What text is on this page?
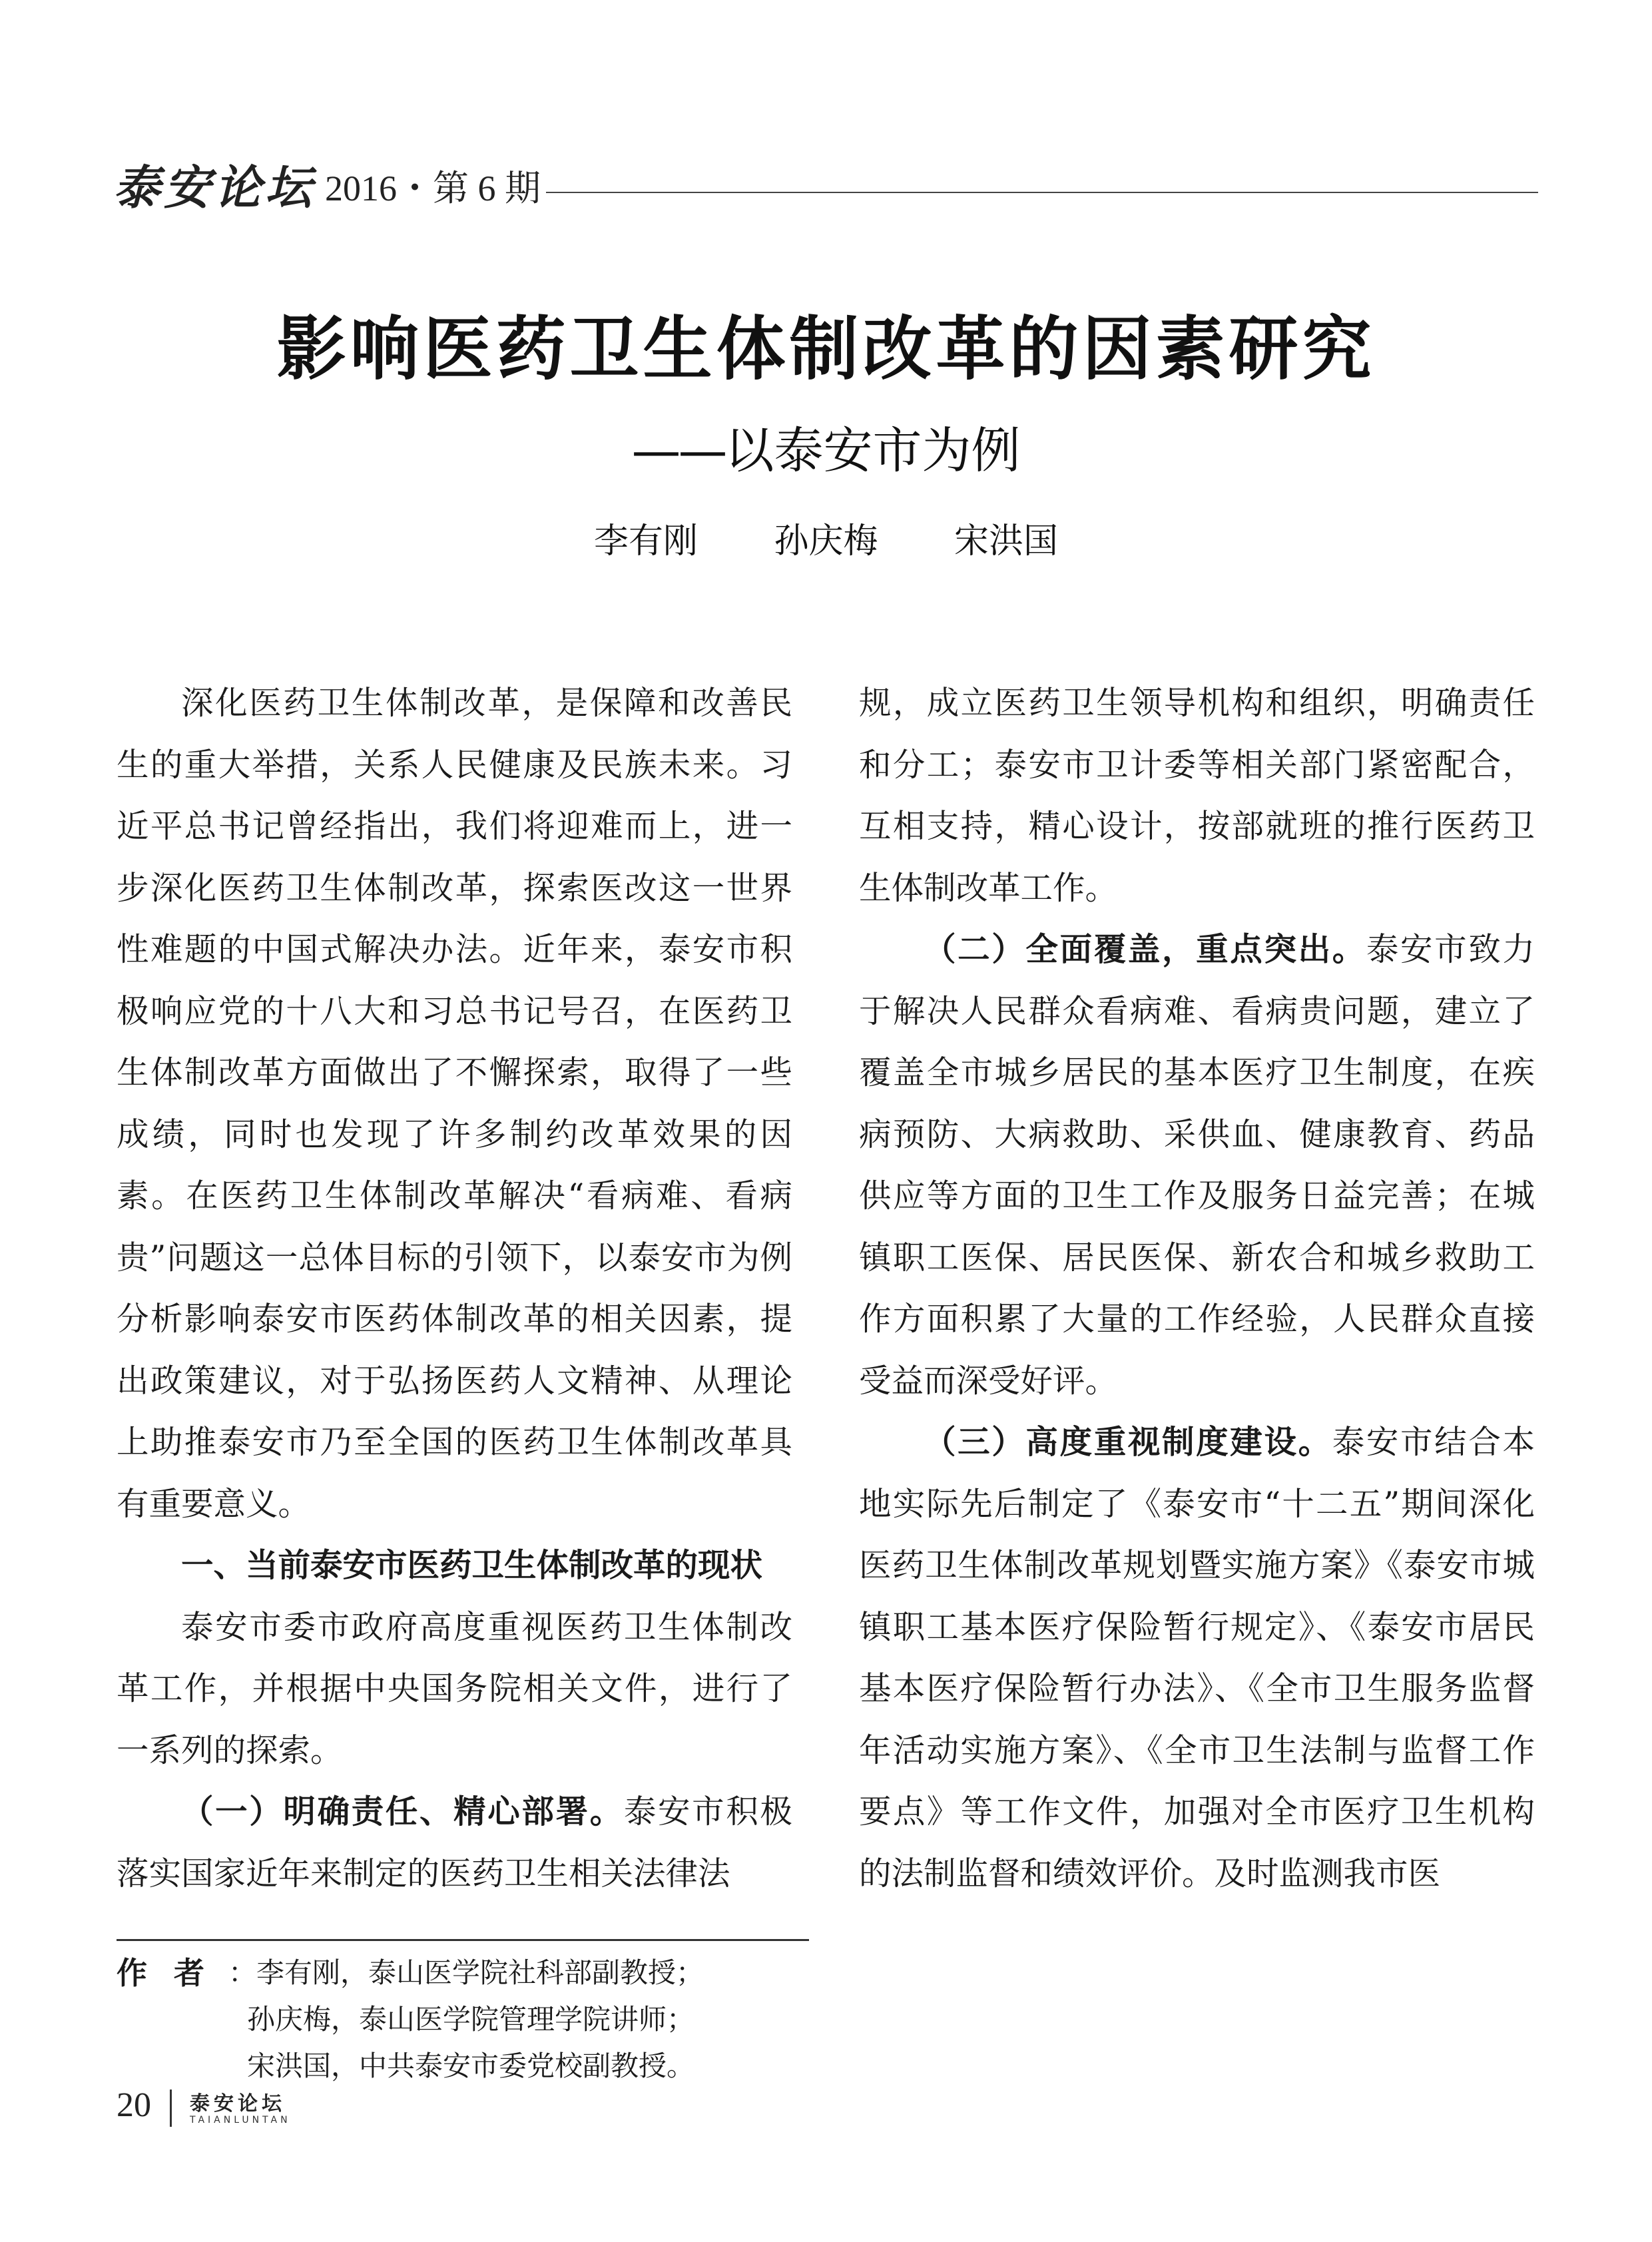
泰安论坛 2016・第 6 期
影响医药卫生体制改革的因素研究
——以泰安市为例
李有刚 孙庆梅 宋洪国

深化医药卫生体制改革，是保障和改善民生的重大举措，关系人民健康及民族未来。习近平总书记曾经指出，我们将迎难而上，进一步深化医药卫生体制改革，探索医改这一世界性难题的中国式解决办法。近年来，泰安市积极响应党的十八大和习总书记号召，在医药卫生体制改革方面做出了不懈探索，取得了一些成绩，同时也发现了许多制约改革效果的因素。在医药卫生体制改革解决“看病难、看病贵”问题这一总体目标的引领下，以泰安市为例分析影响泰安市医药体制改革的相关因素，提出政策建议，对于弘扬医药人文精神、从理论上助推泰安市乃至全国的医药卫生体制改革具有重要意义。

一、当前泰安市医药卫生体制改革的现状

泰安市委市政府高度重视医药卫生体制改革工作，并根据中央国务院相关文件，进行了一系列的探索。

（一）明确责任、精心部署。泰安市积极落实国家近年来制定的医药卫生相关法律法

规，成立医药卫生领导机构和组织，明确责任和分工；泰安市卫计委等相关部门紧密配合，互相支持，精心设计，按部就班的推行医药卫生体制改革工作。

（二）全面覆盖，重点突出。泰安市致力于解决人民群众看病难、看病贵问题，建立了覆盖全市城乡居民的基本医疗卫生制度，在疾病预防、大病救助、采供血、健康教育、药品供应等方面的卫生工作及服务日益完善；在城镇职工医保、居民医保、新农合和城乡救助工作方面积累了大量的工作经验，人民群众直接受益而深受好评。

（三）高度重视制度建设。泰安市结合本地实际先后制定了《泰安市“十二五”期间深化医药卫生体制改革规划暨实施方案》《泰安市城镇职工基本医疗保险暂行规定》、《泰安市居民基本医疗保险暂行办法》、《全市卫生服务监督年活动实施方案》、《全市卫生法制与监督工作要点》等工作文件，加强对全市医疗卫生机构的法制监督和绩效评价。及时监测我市医

作者
：李有刚，泰山医学院社科部副教授；
孙庆梅，泰山医学院管理学院讲师；
宋洪国，中共泰安市委党校副教授。
20 泰安论坛
TAIANLUNTAN
